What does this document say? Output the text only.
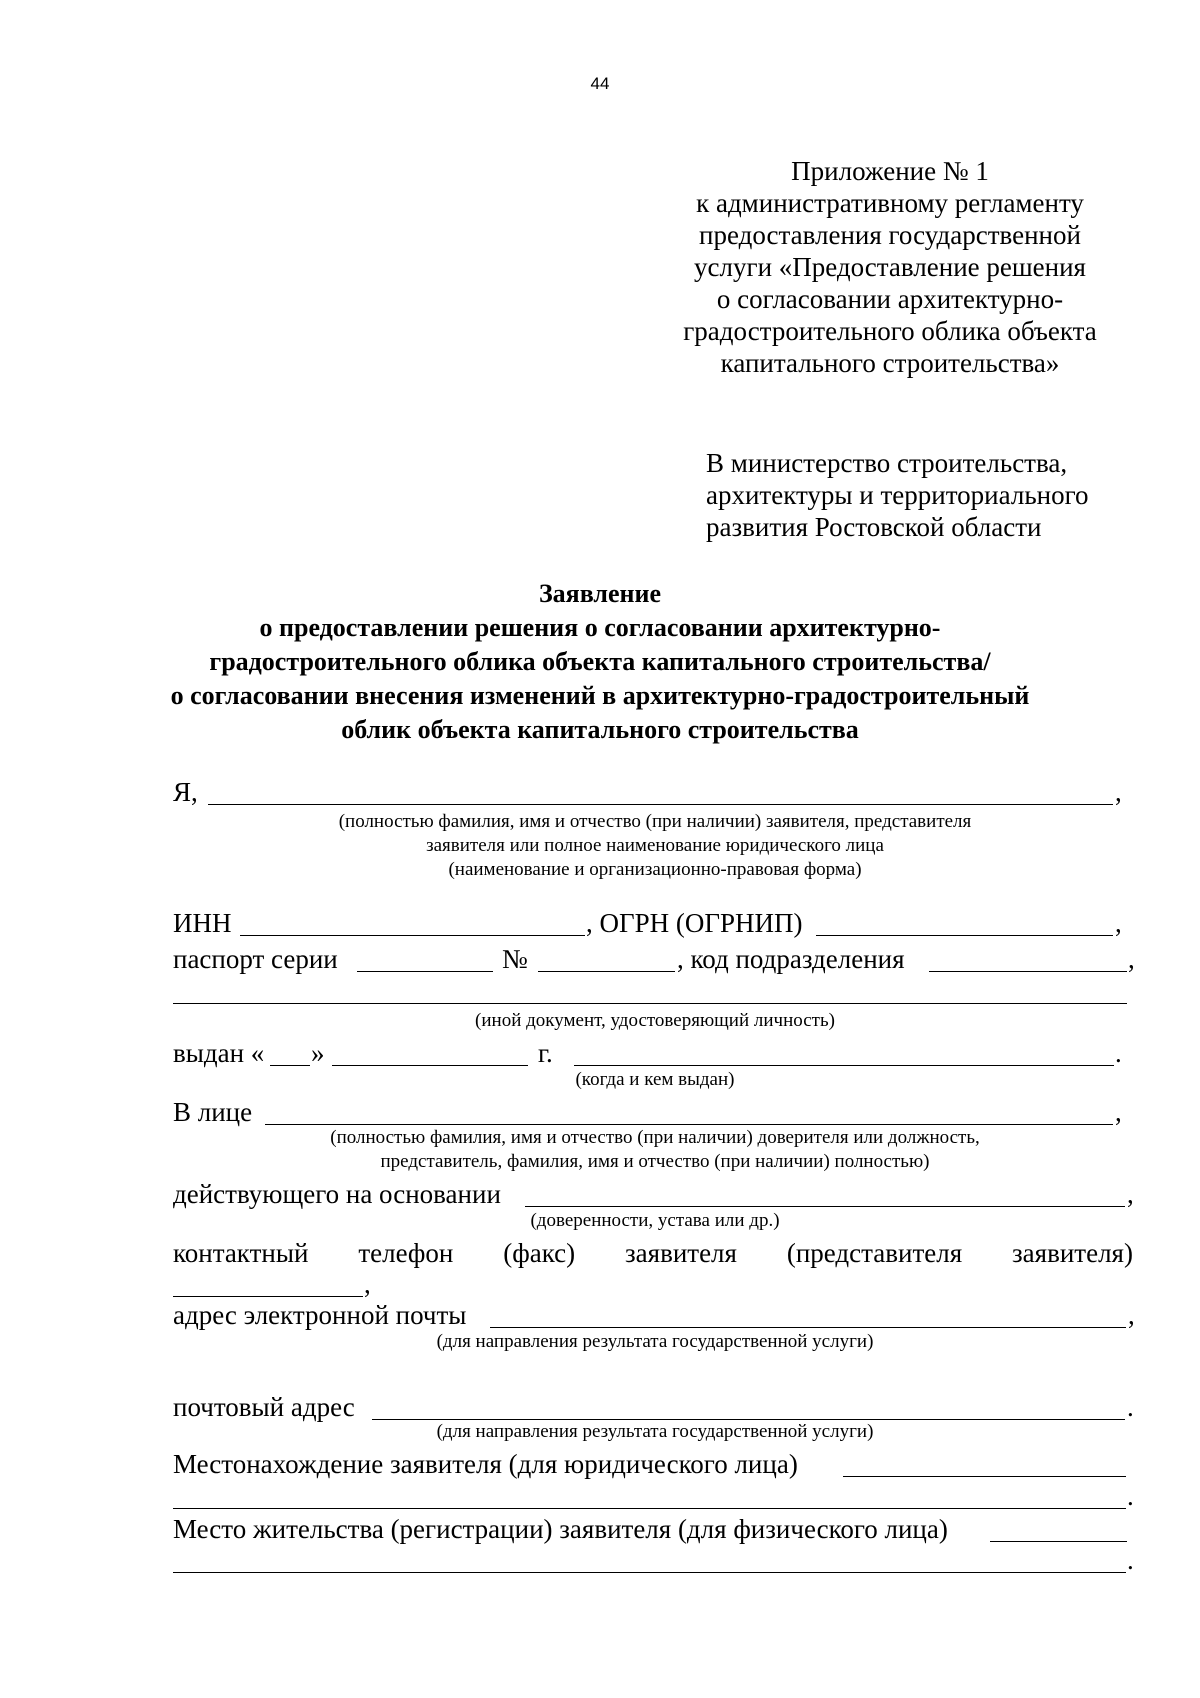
44
Приложение № 1
к административному регламенту
предоставления государственной
услуги «Предоставление решения
о согласовании архитектурно-
градостроительного облика объекта
капитального строительства»
В министерство строительства,
архитектуры и территориального
развития Ростовской области
Заявление
о предоставлении решения о согласовании архитектурно-
градостроительного облика объекта капитального строительства/
о согласовании внесения изменений в архитектурно-градостроительный
облик объекта капитального строительства
Я,	,
(полностью фамилия, имя и отчество (при наличии) заявителя, представителя
заявителя или полное наименование юридического лица
(наименование и организационно-правовая форма)
ИНН	, ОГРН (ОГРНИП)	,
паспорт серии	№	, код подразделения	,
(иной документ, удостоверяющий личность)
выдан « »	г.	.
(когда и кем выдан)
В лице	,
(полностью фамилия, имя и отчество (при наличии) доверителя или должность,
представитель, фамилия, имя и отчество (при наличии) полностью)
действующего на основании	,
(доверенности, устава или др.)
контактный телефон (факс) заявителя (представителя заявителя)
,
адрес электронной почты	,
(для направления результата государственной услуги)
почтовый адрес	.
(для направления результата государственной услуги)
Местонахождение заявителя (для юридического лица)
.
Место жительства (регистрации) заявителя (для физического лица)
.
